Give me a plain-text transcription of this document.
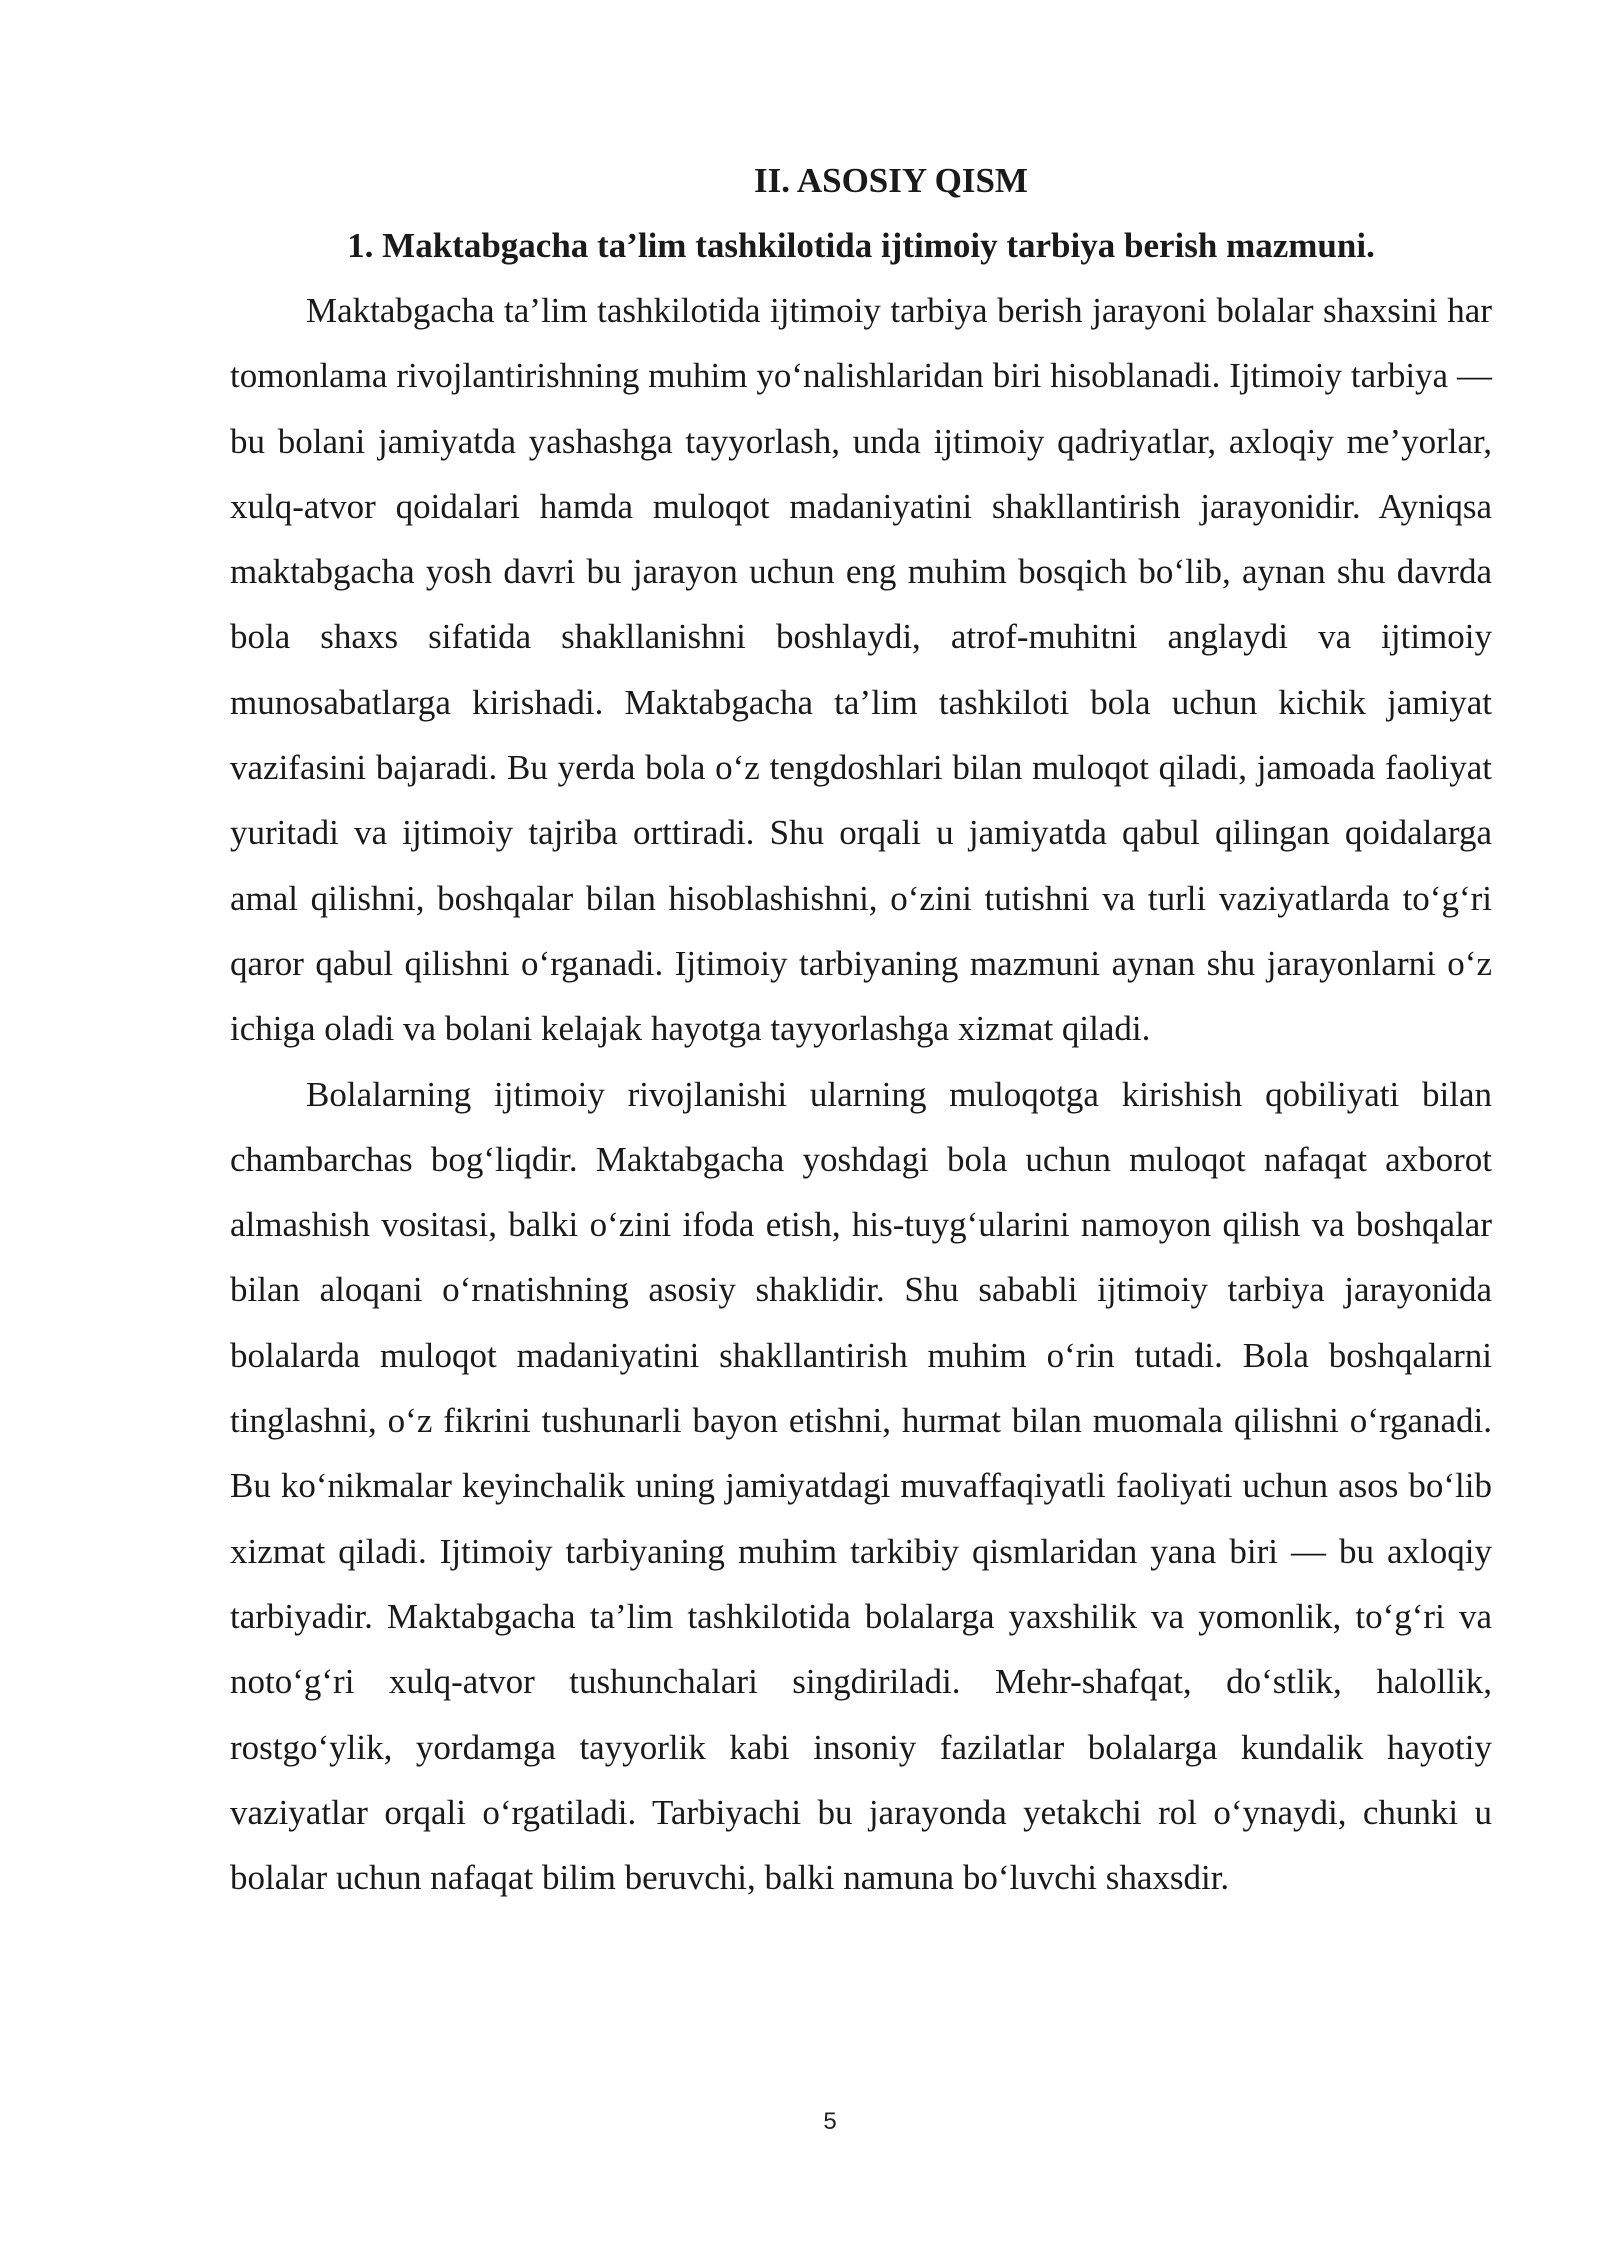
II. ASOSIY QISM
1. Maktabgacha ta’lim tashkilotida ijtimoiy tarbiya berish mazmuni.

Maktabgacha ta’lim tashkilotida ijtimoiy tarbiya berish jarayoni bolalar shaxsini har tomonlama rivojlantirishning muhim yo‘nalishlaridan biri hisoblanadi. Ijtimoiy tarbiya — bu bolani jamiyatda yashashga tayyorlash, unda ijtimoiy qadriyatlar, axloqiy me’yorlar, xulq-atvor qoidalari hamda muloqot madaniyatini shakllantirish jarayonidir. Ayniqsa maktabgacha yosh davri bu jarayon uchun eng muhim bosqich bo‘lib, aynan shu davrda bola shaxs sifatida shakllanishni boshlaydi, atrof-muhitni anglaydi va ijtimoiy munosabatlarga kirishadi. Maktabgacha ta’lim tashkiloti bola uchun kichik jamiyat vazifasini bajaradi. Bu yerda bola o‘z tengdoshlari bilan muloqot qiladi, jamoada faoliyat yuritadi va ijtimoiy tajriba orttiradi. Shu orqali u jamiyatda qabul qilingan qoidalarga amal qilishni, boshqalar bilan hisoblashishni, o‘zini tutishni va turli vaziyatlarda to‘g‘ri qaror qabul qilishni o‘rganadi. Ijtimoiy tarbiyaning mazmuni aynan shu jarayonlarni o‘z ichiga oladi va bolani kelajak hayotga tayyorlashga xizmat qiladi.

Bolalarning ijtimoiy rivojlanishi ularning muloqotga kirishish qobiliyati bilan chambarchas bog‘liqdir. Maktabgacha yoshdagi bola uchun muloqot nafaqat axborot almashish vositasi, balki o‘zini ifoda etish, his-tuyg‘ularini namoyon qilish va boshqalar bilan aloqani o‘rnatishning asosiy shaklidir. Shu sababli ijtimoiy tarbiya jarayonida bolalarda muloqot madaniyatini shakllantirish muhim o‘rin tutadi. Bola boshqalarni tinglashni, o‘z fikrini tushunarli bayon etishni, hurmat bilan muomala qilishni o‘rganadi. Bu ko‘nikmalar keyinchalik uning jamiyatdagi muvaffaqiyatli faoliyati uchun asos bo‘lib xizmat qiladi. Ijtimoiy tarbiyaning muhim tarkibiy qismlaridan yana biri — bu axloqiy tarbiyadir. Maktabgacha ta’lim tashkilotida bolalarga yaxshilik va yomonlik, to‘g‘ri va noto‘g‘ri xulq-atvor tushunchalari singdiriladi. Mehr-shafqat, do‘stlik, halollik, rostgo‘ylik, yordamga tayyorlik kabi insoniy fazilatlar bolalarga kundalik hayotiy vaziyatlar orqali o‘rgatiladi. Tarbiyachi bu jarayonda yetakchi rol o‘ynaydi, chunki u bolalar uchun nafaqat bilim beruvchi, balki namuna bo‘luvchi shaxsdir.

5
